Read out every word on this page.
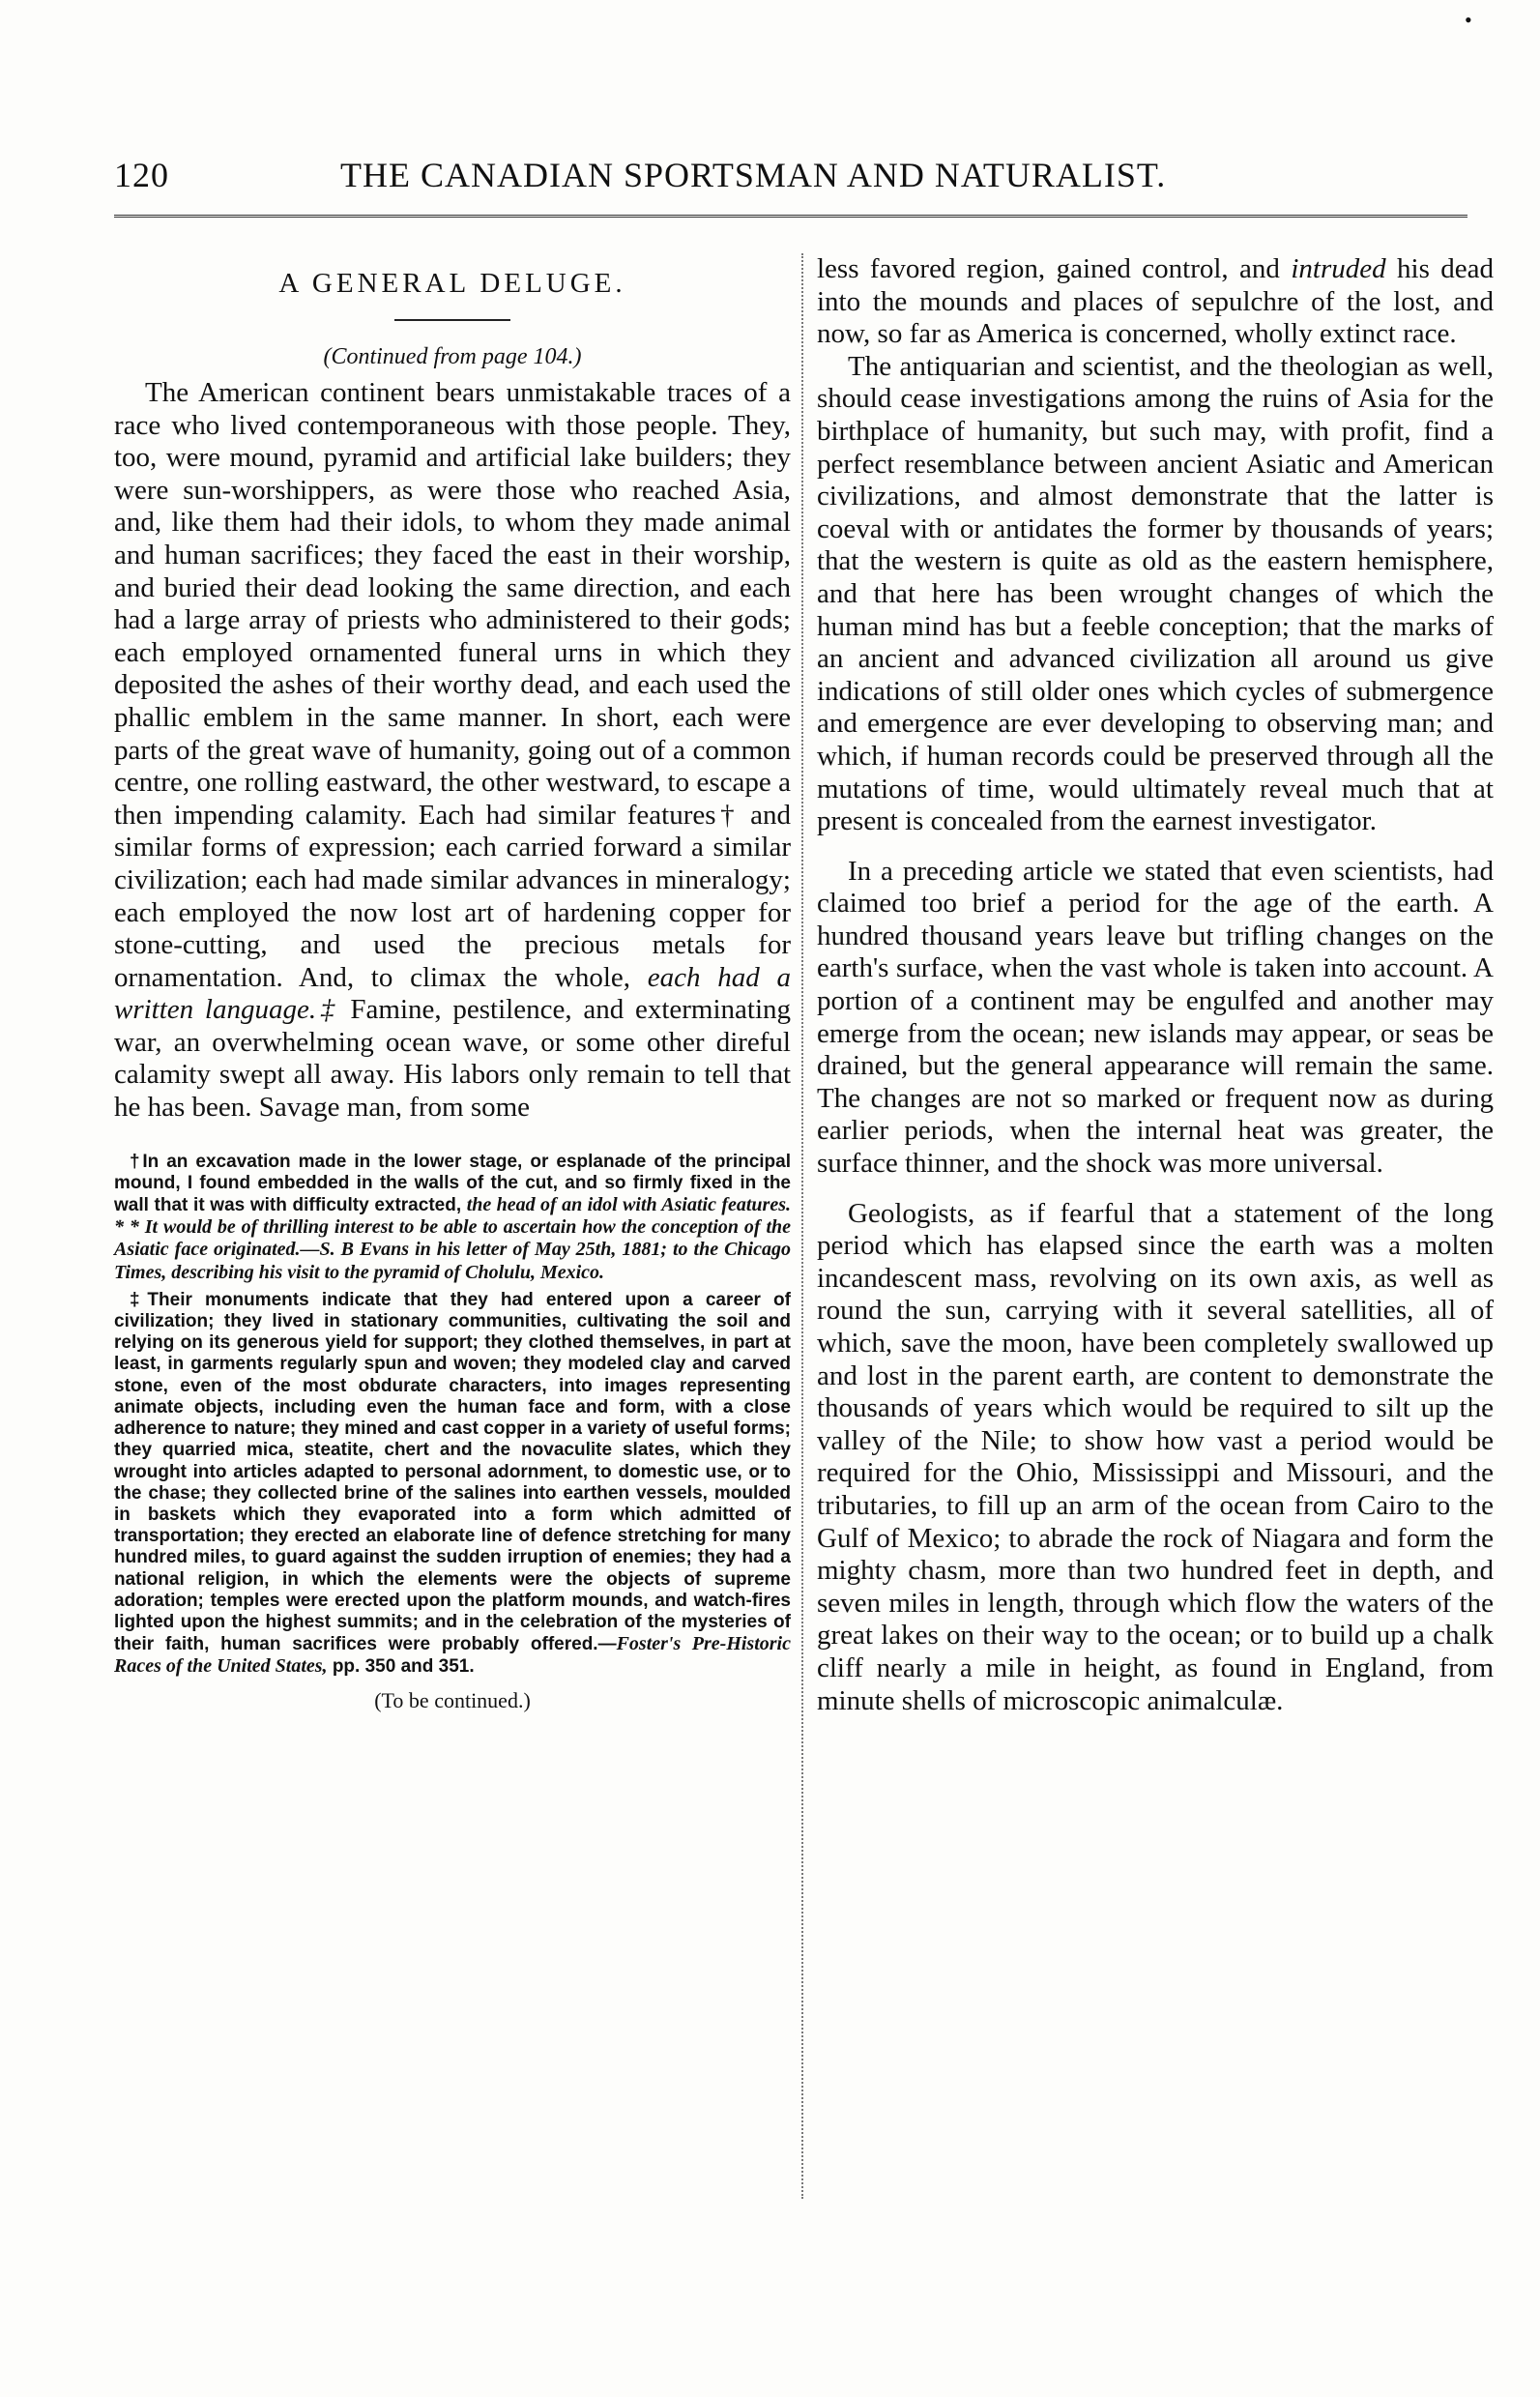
•
120	THE CANADIAN SPORTSMAN AND NATURALIST.
A GENERAL DELUGE.
(Continued from page 104.)

The American continent bears unmistakable traces of a race who lived contemporaneous with those people. They, too, were mound, pyramid and artificial lake builders; they were sun-worshippers, as were those who reached Asia, and, like them had their idols, to whom they made animal and human sacrifices; they faced the east in their worship, and buried their dead looking the same direction, and each had a large array of priests who administered to their gods; each employed ornamented funeral urns in which they deposited the ashes of their worthy dead, and each used the phallic emblem in the same manner. In short, each were parts of the great wave of humanity, going out of a common centre, one rolling eastward, the other westward, to escape a then impending calamity. Each had similar features† and similar forms of expression; each carried forward a similar civilization; each had made similar advances in mineralogy; each employed the now lost art of hardening copper for stone-cutting, and used the precious metals for ornamentation. And, to climax the whole, each had a written language.‡ Famine, pestilence, and exterminating war, an overwhelming ocean wave, or some other direful calamity swept all away. His labors only remain to tell that he has been. Savage man, from some

†In an excavation made in the lower stage, or esplanade of the principal mound, I found embedded in the walls of the cut, and so firmly fixed in the wall that it was with difficulty extracted, the head of an idol with Asiatic features. * * It would be of thrilling interest to be able to ascertain how the conception of the Asiatic face originated.—S. B Evans in his letter of May 25th, 1881; to the Chicago Times, describing his visit to the pyramid of Cholulu, Mexico.

‡Their monuments indicate that they had entered upon a career of civilization; they lived in stationary communities, cultivating the soil and relying on its generous yield for support; they clothed themselves, in part at least, in garments regularly spun and woven; they modeled clay and carved stone, even of the most obdurate characters, into images representing animate objects, including even the human face and form, with a close adherence to nature; they mined and cast copper in a variety of useful forms; they quarried mica, steatite, chert and the novaculite slates, which they wrought into articles adapted to personal adornment, to domestic use, or to the chase; they collected brine of the salines into earthen vessels, moulded in baskets which they evaporated into a form which admitted of transportation; they erected an elaborate line of defence stretching for many hundred miles, to guard against the sudden irruption of enemies; they had a national religion, in which the elements were the objects of supreme adoration; temples were erected upon the platform mounds, and watch-fires lighted upon the highest summits; and in the celebration of the mysteries of their faith, human sacrifices were probably offered.—Foster's Pre-Historic Races of the United States, pp. 350 and 351.

(To be continued.)

less favored region, gained control, and intruded his dead into the mounds and places of sepulchre of the lost, and now, so far as America is concerned, wholly extinct race.

The antiquarian and scientist, and the theologian as well, should cease investigations among the ruins of Asia for the birthplace of humanity, but such may, with profit, find a perfect resemblance between ancient Asiatic and American civilizations, and almost demonstrate that the latter is coeval with or antidates the former by thousands of years; that the western is quite as old as the eastern hemisphere, and that here has been wrought changes of which the human mind has but a feeble conception; that the marks of an ancient and advanced civilization all around us give indications of still older ones which cycles of submergence and emergence are ever developing to observing man; and which, if human records could be preserved through all the mutations of time, would ultimately reveal much that at present is concealed from the earnest investigator.

In a preceding article we stated that even scientists, had claimed too brief a period for the age of the earth. A hundred thousand years leave but trifling changes on the earth's surface, when the vast whole is taken into account. A portion of a continent may be engulfed and another may emerge from the ocean; new islands may appear, or seas be drained, but the general appearance will remain the same. The changes are not so marked or frequent now as during earlier periods, when the internal heat was greater, the surface thinner, and the shock was more universal.

Geologists, as if fearful that a statement of the long period which has elapsed since the earth was a molten incandescent mass, revolving on its own axis, as well as round the sun, carrying with it several satellities, all of which, save the moon, have been completely swallowed up and lost in the parent earth, are content to demonstrate the thousands of years which would be required to silt up the valley of the Nile; to show how vast a period would be required for the Ohio, Mississippi and Missouri, and the tributaries, to fill up an arm of the ocean from Cairo to the Gulf of Mexico; to abrade the rock of Niagara and form the mighty chasm, more than two hundred feet in depth, and seven miles in length, through which flow the waters of the great lakes on their way to the ocean; or to build up a chalk cliff nearly a mile in height, as found in England, from minute shells of microscopic animalculæ.
